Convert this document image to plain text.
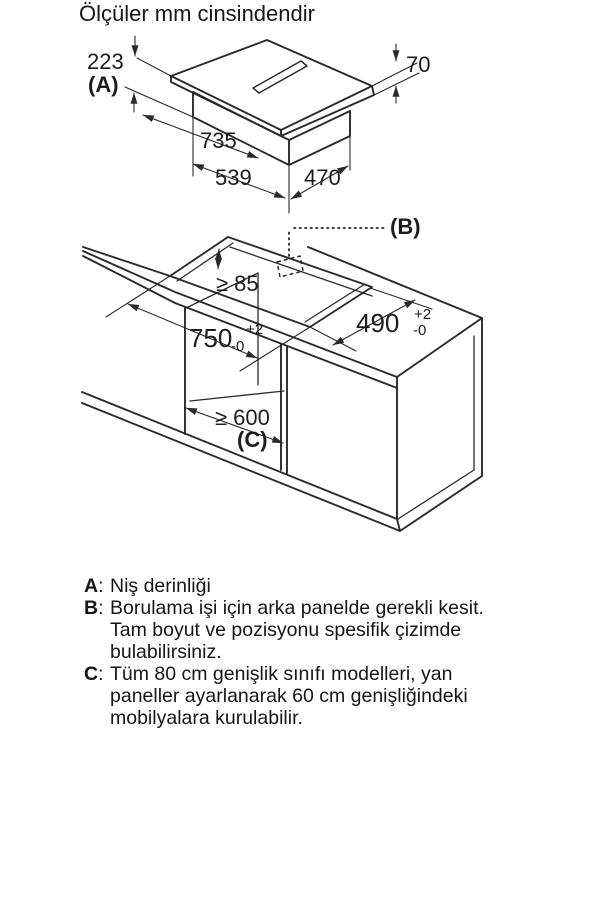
Ölçüler mm cinsindendir
223
(A)
70
735
539 470
≥ 85
(B)
750 +2
-0
490 +2
-0
≥ 600
(C)
A: Niş derinliği
B: Borulama işi için arka panelde gerekli kesit.
Tam boyut ve pozisyonu spesifik çizimde
bulabilirsiniz.
C: Tüm 80 cm genişlik sınıfı modelleri, yan
paneller ayarlanarak 60 cm genişliğindeki
mobilyalara kurulabilir.
